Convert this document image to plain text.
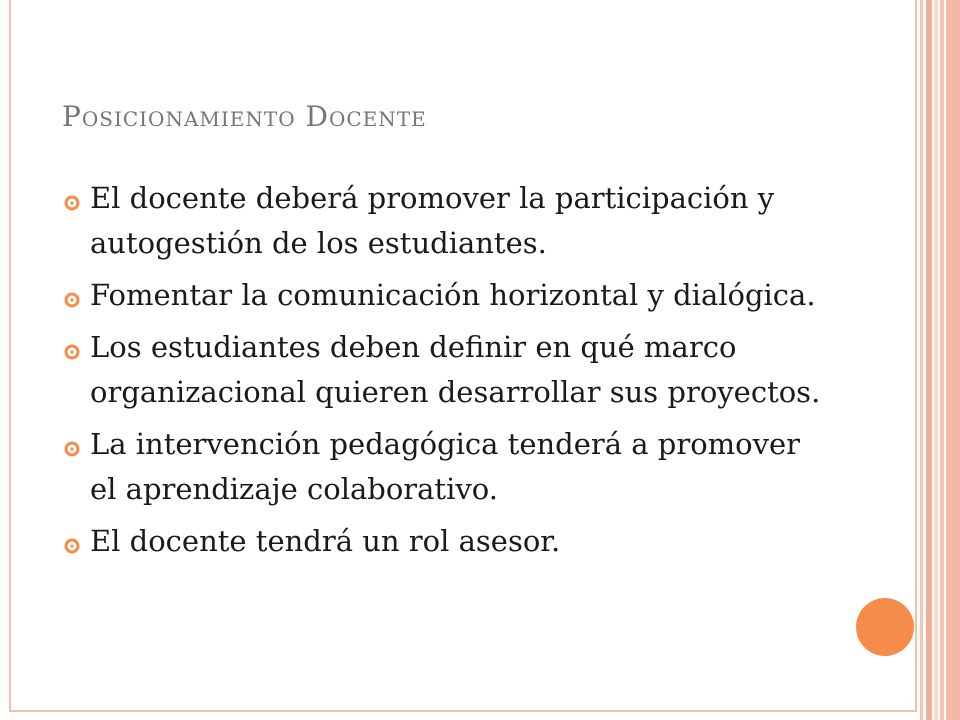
Posicionamiento Docente
El docente deberá promover la participación y autogestión de los estudiantes.
Fomentar la comunicación horizontal y dialógica.
Los estudiantes deben definir en qué marco organizacional quieren desarrollar sus proyectos.
La intervención pedagógica tenderá a promover el aprendizaje colaborativo.
El docente tendrá un rol asesor.
